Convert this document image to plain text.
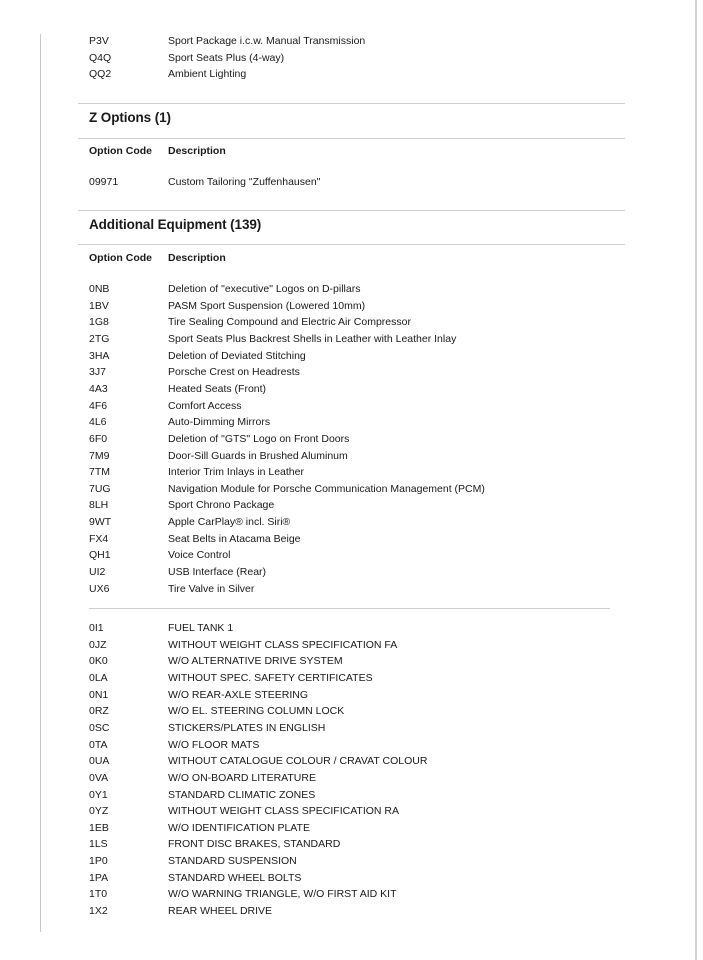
P3V	Sport Package i.c.w. Manual Transmission
Q4Q	Sport Seats Plus (4-way)
QQ2	Ambient Lighting
Z Options (1)
Option Code Description
09971	Custom Tailoring "Zuffenhausen"
Additional Equipment (139)
Option Code Description
0NB	Deletion of "executive" Logos on D-pillars
1BV	PASM Sport Suspension (Lowered 10mm)
1G8	Tire Sealing Compound and Electric Air Compressor
2TG	Sport Seats Plus Backrest Shells in Leather with Leather Inlay
3HA	Deletion of Deviated Stitching
3J7	Porsche Crest on Headrests
4A3	Heated Seats (Front)
4F6	Comfort Access
4L6	Auto-Dimming Mirrors
6F0	Deletion of "GTS" Logo on Front Doors
7M9	Door-Sill Guards in Brushed Aluminum
7TM	Interior Trim Inlays in Leather
7UG	Navigation Module for Porsche Communication Management (PCM)
8LH	Sport Chrono Package
9WT	Apple CarPlay® incl. Siri®
FX4	Seat Belts in Atacama Beige
QH1	Voice Control
UI2	USB Interface (Rear)
UX6	Tire Valve in Silver
0I1	FUEL TANK 1
0JZ	WITHOUT WEIGHT CLASS SPECIFICATION FA
0K0	W/O ALTERNATIVE DRIVE SYSTEM
0LA	WITHOUT SPEC. SAFETY CERTIFICATES
0N1	W/O REAR-AXLE STEERING
0RZ	W/O EL. STEERING COLUMN LOCK
0SC	STICKERS/PLATES IN ENGLISH
0TA	W/O FLOOR MATS
0UA	WITHOUT CATALOGUE COLOUR / CRAVAT COLOUR
0VA	W/O ON-BOARD LITERATURE
0Y1	STANDARD CLIMATIC ZONES
0YZ	WITHOUT WEIGHT CLASS SPECIFICATION RA
1EB	W/O IDENTIFICATION PLATE
1LS	FRONT DISC BRAKES, STANDARD
1P0	STANDARD SUSPENSION
1PA	STANDARD WHEEL BOLTS
1T0	W/O WARNING TRIANGLE, W/O FIRST AID KIT
1X2	REAR WHEEL DRIVE
